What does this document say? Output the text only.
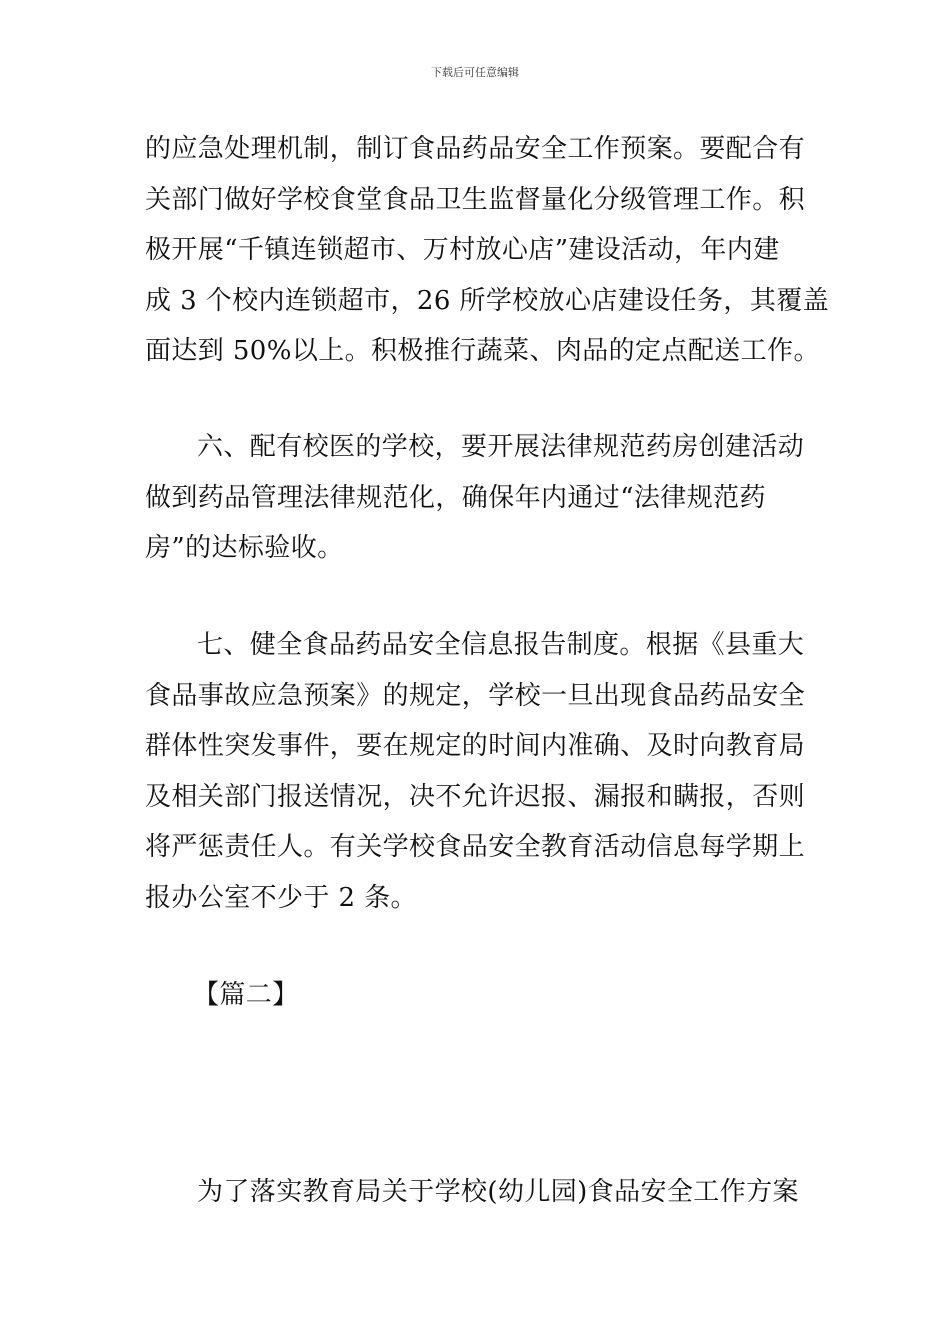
下载后可任意编辑
的应急处理机制，制订食品药品安全工作预案。要配合有
关部门做好学校食堂食品卫生监督量化分级管理工作。积
极开展“千镇连锁超市、万村放心店”建设活动，年内建
成 3 个校内连锁超市，26 所学校放心店建设任务，其覆盖
面达到 50%以上。积极推行蔬菜、肉品的定点配送工作。
六、配有校医的学校，要开展法律规范药房创建活动
做到药品管理法律规范化，确保年内通过“法律规范药
房”的达标验收。
七、健全食品药品安全信息报告制度。根据《县重大
食品事故应急预案》的规定，学校一旦出现食品药品安全
群体性突发事件，要在规定的时间内准确、及时向教育局
及相关部门报送情况，决不允许迟报、漏报和瞒报，否则
将严惩责任人。有关学校食品安全教育活动信息每学期上
报办公室不少于 2 条。
【篇二】
为了落实教育局关于学校(幼儿园)食品安全工作方案
